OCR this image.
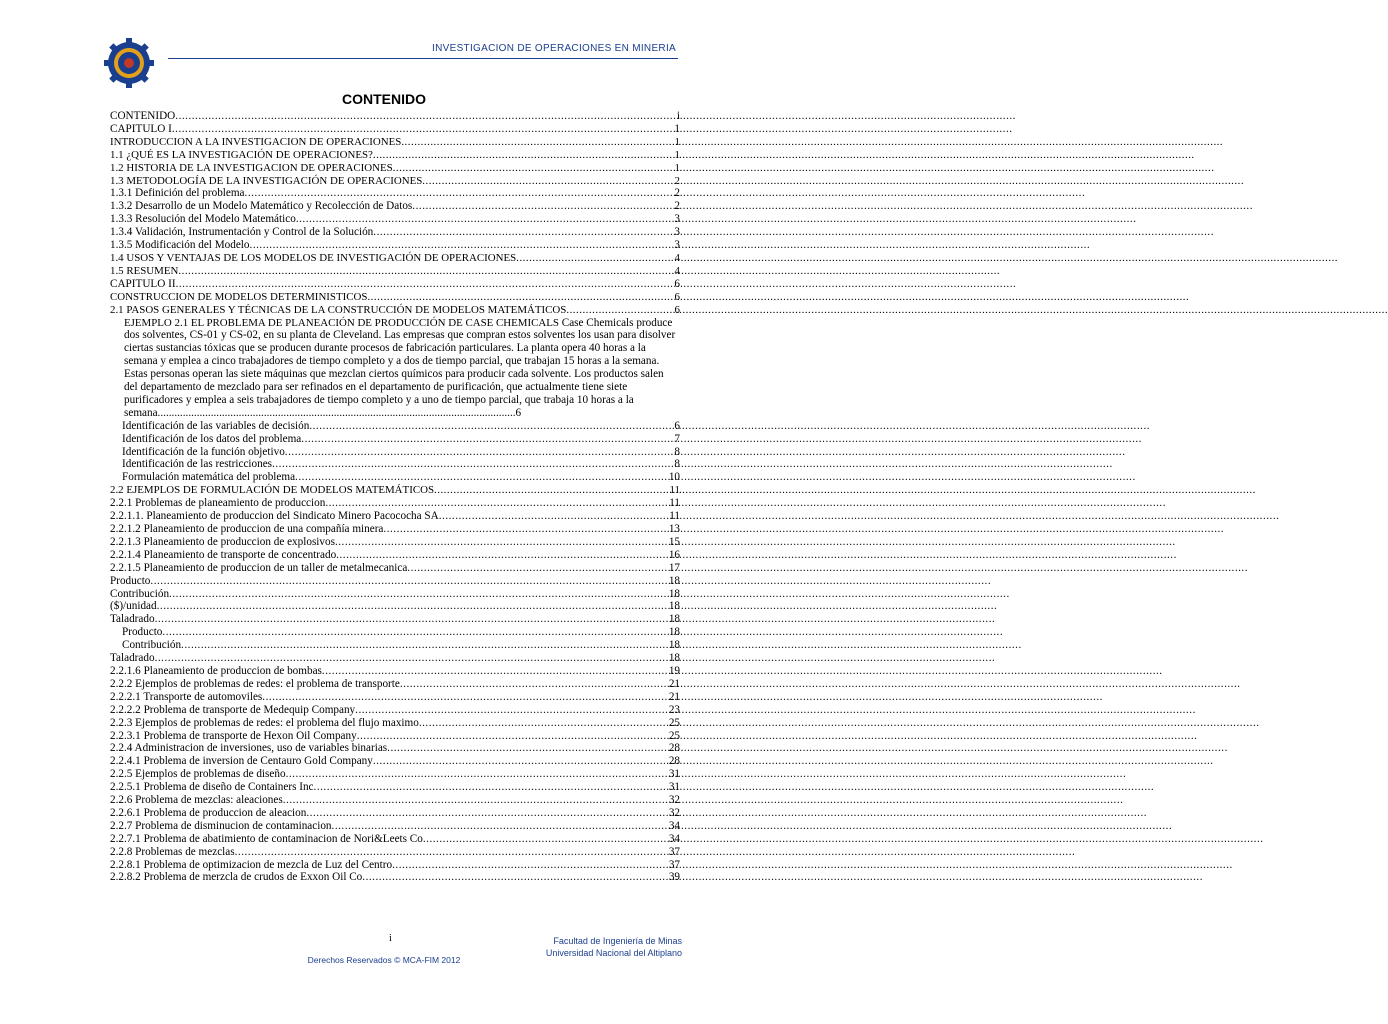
INVESTIGACION DE OPERACIONES EN MINERIA
CONTENIDO
CONTENIDO .....	i
CAPITULO I .....	1
INTRODUCCION A LA INVESTIGACION DE OPERACIONES .....	1
1.1 ¿QUÉ ES LA INVESTIGACIÓN DE OPERACIONES? .....	1
1.2 HISTORIA DE LA INVESTIGACION DE OPERACIONES .....	1
1.3 METODOLOGÍA DE LA INVESTIGACIÓN DE OPERACIONES .....	2
1.3.1 Definición del problema .....	2
1.3.2 Desarrollo de un Modelo Matemático y Recolección de Datos .....	2
1.3.3 Resolución del Modelo Matemático .....	3
1.3.4 Validación, Instrumentación y Control de la Solución .....	3
1.3.5 Modificación del Modelo .....	3
1.4 USOS Y VENTAJAS DE LOS MODELOS DE INVESTIGACIÓN DE OPERACIONES .....	4
1.5 RESUMEN .....	4
CAPITULO II .....	6
CONSTRUCCION DE MODELOS DETERMINISTICOS .....	6
2.1 PASOS GENERALES Y TÉCNICAS DE LA CONSTRUCCIÓN DE MODELOS MATEMÁTICOS .....	6
EJEMPLO 2.1 EL PROBLEMA DE PLANEACIÓN DE PRODUCCIÓN DE CASE CHEMICALS Case Chemicals produce dos solventes, CS-01 y CS-02, en su planta de Cleveland. Las empresas que compran estos solventes los usan para disolver ciertas sustancias tóxicas que se producen durante procesos de fabricación particulares. La planta opera 40 horas a la semana y emplea a cinco trabajadores de tiempo completo y a dos de tiempo parcial, que trabajan 15 horas a la semana. Estas personas operan las siete máquinas que mezclan ciertos químicos para producir cada solvente. Los productos salen del departamento de mezclado para ser refinados en el departamento de purificación, que actualmente tiene siete purificadores y emplea a seis trabajadores de tiempo completo y a uno de tiempo parcial, que trabaja 10 horas a la semana................................................................................................................................6
Identificación de las variables de decisión .....	6
Identificación de los datos del problema .....	7
Identificación de la función objetivo .....	8
Identificación de las restricciones .....	8
Formulación matemática del problema .....	10
2.2 EJEMPLOS DE FORMULACIÓN DE MODELOS MATEMÁTICOS .....	11
2.2.1 Problemas de planeamiento de produccion .....	11
2.2.1.1. Planeamiento de produccion del Sindicato Minero Pacococha SA .....	11
2.2.1.2 Planeamiento de produccion de una compañía minera .....	13
2.2.1.3 Planeamiento de produccion de explosivos .....	15
2.2.1.4 Planeamiento de transporte de concentrado .....	16
2.2.1.5 Planeamiento de produccion de un taller de metalmecanica .....	17
Producto .....	18
Contribución .....	18
($)/unidad .....	18
Taladrado .....	18
Producto .....	18
Contribución .....	18
Taladrado .....	18
2.2.1.6 Planeamiento de produccion de bombas .....	19
2.2.2 Ejemplos de problemas de redes: el problema de transporte .....	21
2.2.2.1 Transporte de automoviles .....	21
2.2.2.2 Problema de transporte de Medequip Company .....	23
2.2.3 Ejemplos de problemas de redes: el problema del flujo maximo .....	25
2.2.3.1 Problema de transporte de Hexon Oil Company .....	25
2.2.4 Administracion de inversiones, uso de variables binarias .....	28
2.2.4.1 Problema de inversion de Centauro Gold Company .....	28
2.2.5 Ejemplos de problemas de diseño .....	31
2.2.5.1 Problema de diseño de Containers Inc .....	31
2.2.6 Problema de mezclas: aleaciones .....	32
2.2.6.1 Problema de produccion de aleacion .....	32
2.2.7 Problema de disminucion de contaminacion .....	34
2.2.7.1 Problema de abatimiento de contaminacion de Nori&Leets Co .....	34
2.2.8 Problemas de mezclas .....	37
2.2.8.1 Problema de optimizacion de mezcla de Luz del Centro .....	37
2.2.8.2 Problema de merzcla de crudos de Exxon Oil Co .....	39
i	Facultad de Ingeniería de Minas
Universidad Nacional del Altiplano
Derechos Reservados © MCA-FIM 2012
